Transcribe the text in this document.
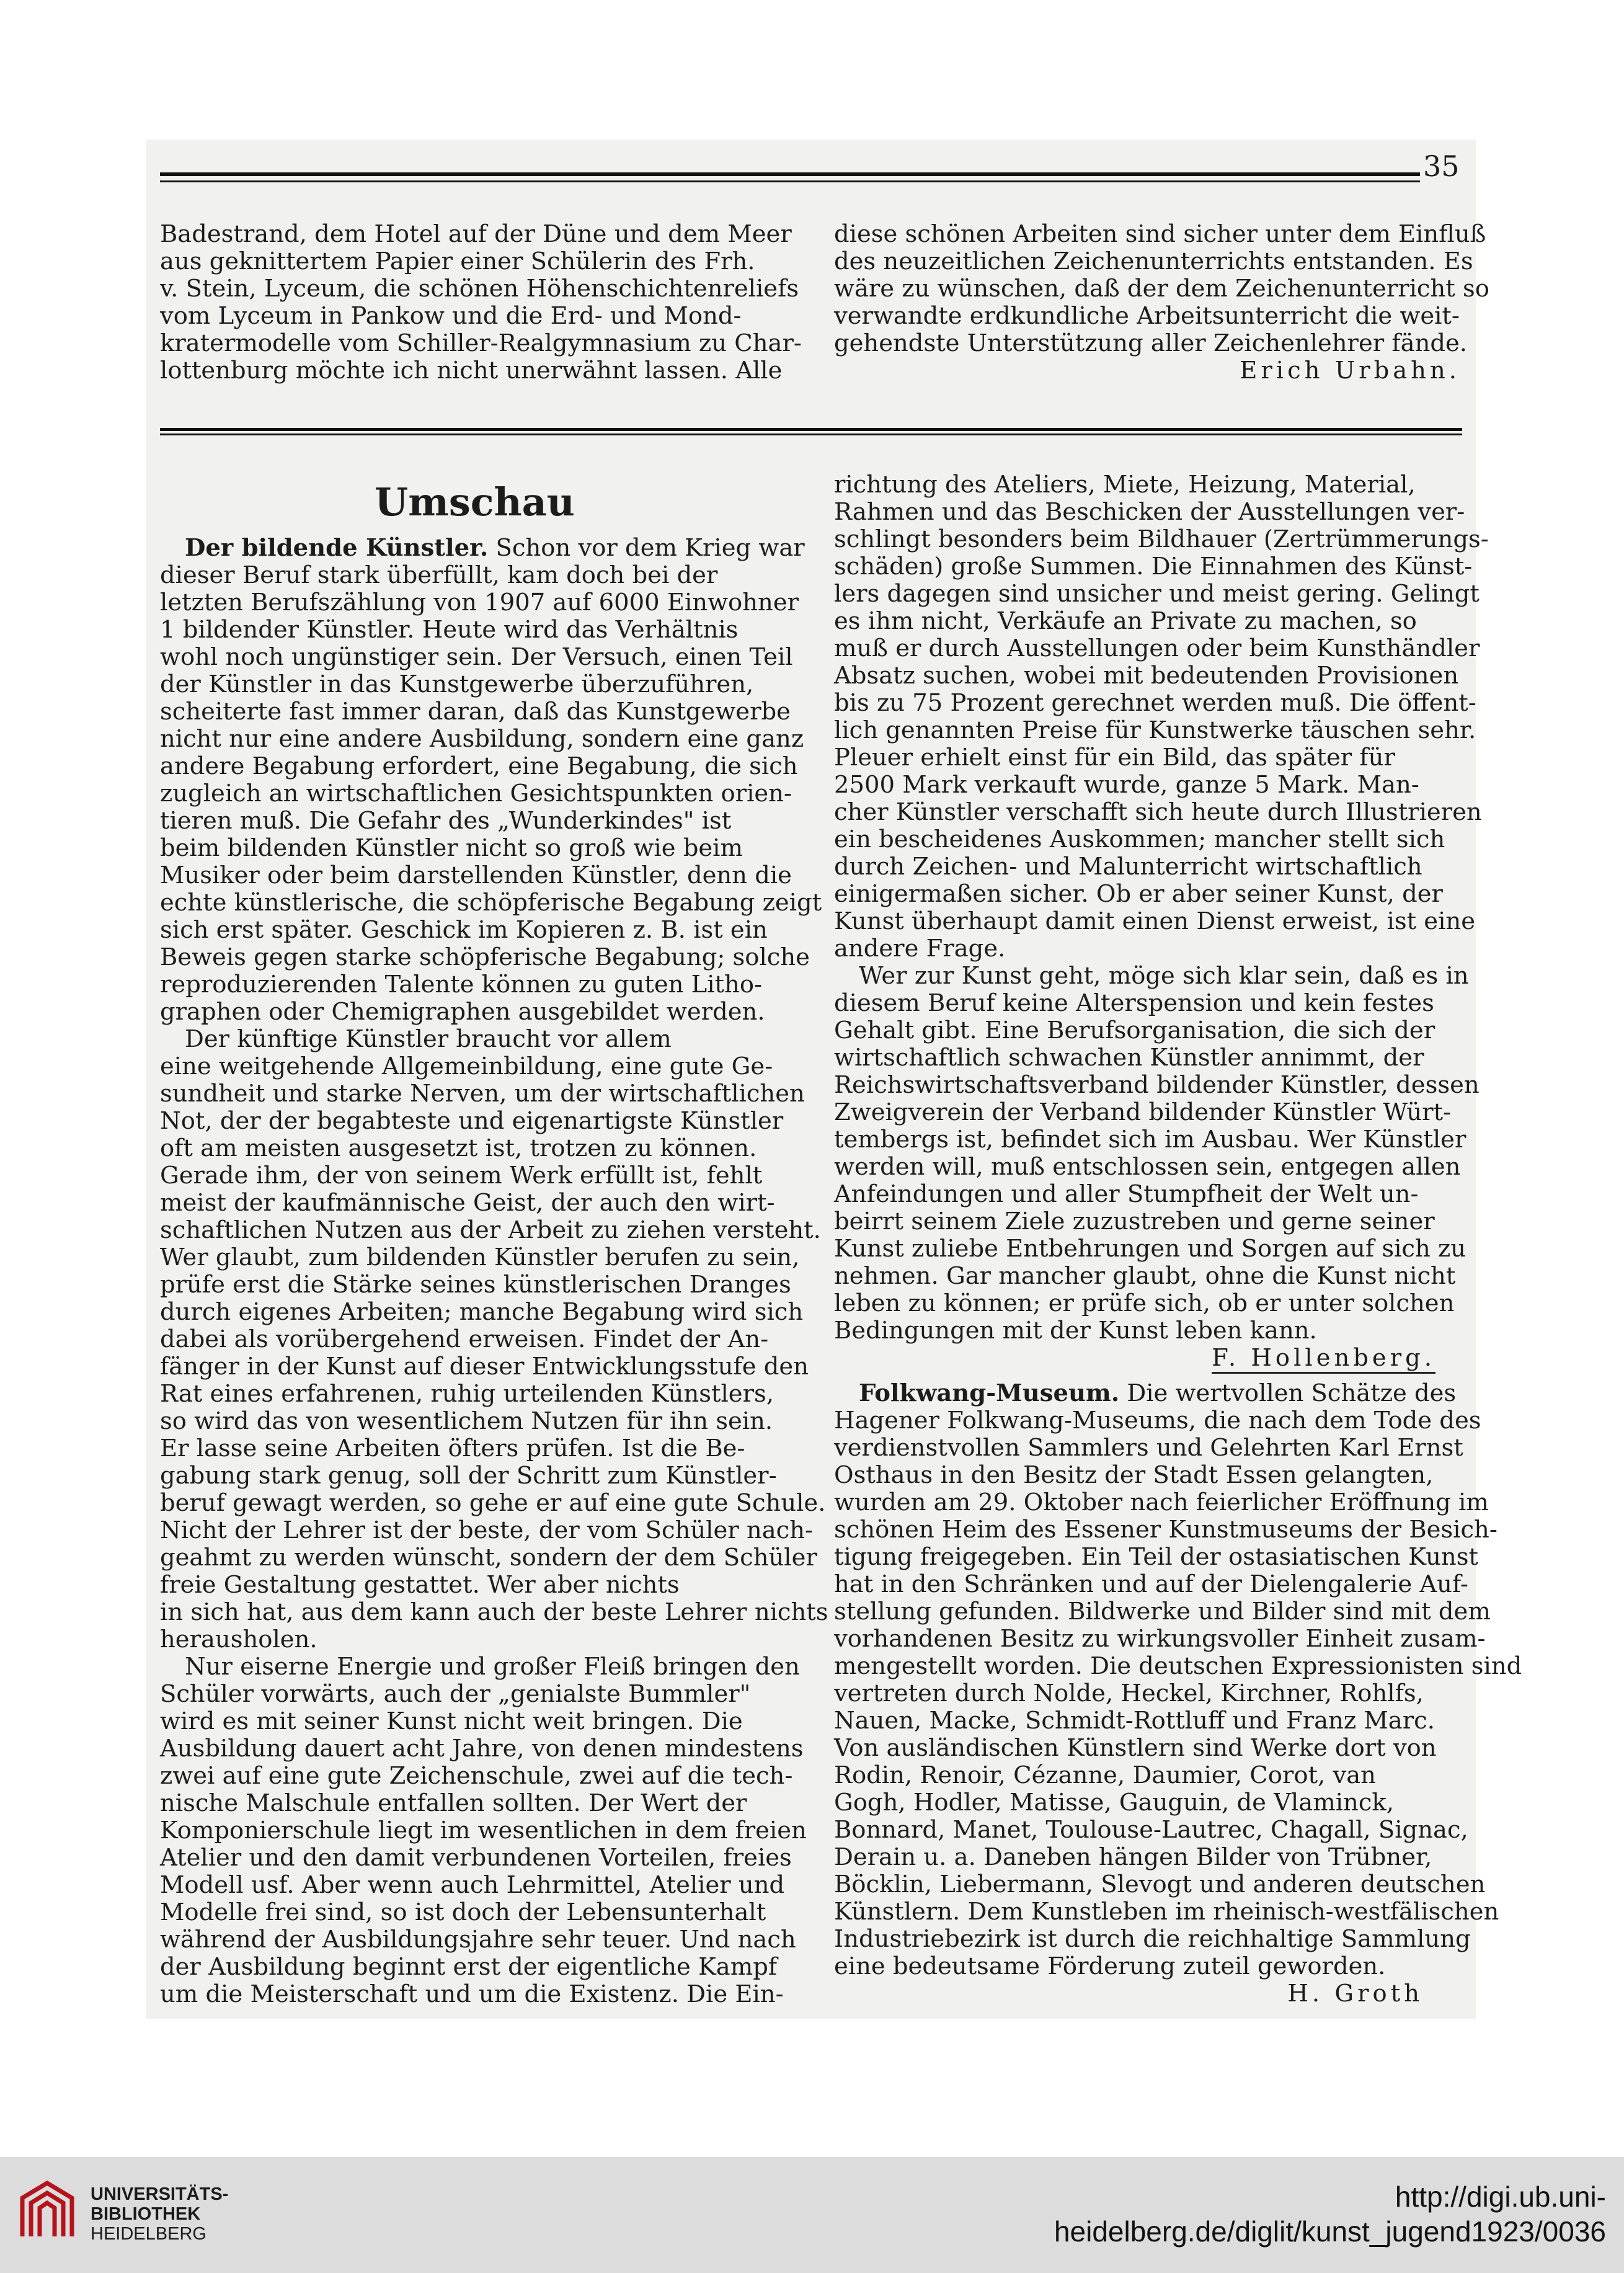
35
Badestrand, dem Hotel auf der Düne und dem Meer
aus geknittertem Papier einer Schülerin des Frh.
v. Stein, Lyceum, die schönen Höhenschichtenreliefs
vom Lyceum in Pankow und die Erd- und Mond-
kratermodelle vom Schiller-Realgymnasium zu Char-
lottenburg möchte ich nicht unerwähnt lassen. Alle
diese schönen Arbeiten sind sicher unter dem Einfluß
des neuzeitlichen Zeichenunterrichts entstanden. Es
wäre zu wünschen, daß der dem Zeichenunterricht so
verwandte erdkundliche Arbeitsunterricht die weit-
gehendste Unterstützung aller Zeichenlehrer fände.
Erich Urbahn.
Umschau
Der bildende Künstler. Schon vor dem Krieg war
dieser Beruf stark überfüllt, kam doch bei der
letzten Berufszählung von 1907 auf 6000 Einwohner
1 bildender Künstler. Heute wird das Verhältnis
wohl noch ungünstiger sein. Der Versuch, einen Teil
der Künstler in das Kunstgewerbe überzuführen,
scheiterte fast immer daran, daß das Kunstgewerbe
nicht nur eine andere Ausbildung, sondern eine ganz
andere Begabung erfordert, eine Begabung, die sich
zugleich an wirtschaftlichen Gesichtspunkten orien-
tieren muß. Die Gefahr des „Wunderkindes" ist
beim bildenden Künstler nicht so groß wie beim
Musiker oder beim darstellenden Künstler, denn die
echte künstlerische, die schöpferische Begabung zeigt
sich erst später. Geschick im Kopieren z. B. ist ein
Beweis gegen starke schöpferische Begabung; solche
reproduzierenden Talente können zu guten Litho-
graphen oder Chemigraphen ausgebildet werden.
Der künftige Künstler braucht vor allem
eine weitgehende Allgemeinbildung, eine gute Ge-
sundheit und starke Nerven, um der wirtschaftlichen
Not, der der begabteste und eigenartigste Künstler
oft am meisten ausgesetzt ist, trotzen zu können.
Gerade ihm, der von seinem Werk erfüllt ist, fehlt
meist der kaufmännische Geist, der auch den wirt-
schaftlichen Nutzen aus der Arbeit zu ziehen versteht.
Wer glaubt, zum bildenden Künstler berufen zu sein,
prüfe erst die Stärke seines künstlerischen Dranges
durch eigenes Arbeiten; manche Begabung wird sich
dabei als vorübergehend erweisen. Findet der An-
fänger in der Kunst auf dieser Entwicklungsstufe den
Rat eines erfahrenen, ruhig urteilenden Künstlers,
so wird das von wesentlichem Nutzen für ihn sein.
Er lasse seine Arbeiten öfters prüfen. Ist die Be-
gabung stark genug, soll der Schritt zum Künstler-
beruf gewagt werden, so gehe er auf eine gute Schule.
Nicht der Lehrer ist der beste, der vom Schüler nach-
geahmt zu werden wünscht, sondern der dem Schüler
freie Gestaltung gestattet. Wer aber nichts
in sich hat, aus dem kann auch der beste Lehrer nichts
herausholen.
Nur eiserne Energie und großer Fleiß bringen den
Schüler vorwärts, auch der „genialste Bummler"
wird es mit seiner Kunst nicht weit bringen. Die
Ausbildung dauert acht Jahre, von denen mindestens
zwei auf eine gute Zeichenschule, zwei auf die tech-
nische Malschule entfallen sollten. Der Wert der
Komponierschule liegt im wesentlichen in dem freien
Atelier und den damit verbundenen Vorteilen, freies
Modell usf. Aber wenn auch Lehrmittel, Atelier und
Modelle frei sind, so ist doch der Lebensunterhalt
während der Ausbildungsjahre sehr teuer. Und nach
der Ausbildung beginnt erst der eigentliche Kampf
um die Meisterschaft und um die Existenz. Die Ein-
richtung des Ateliers, Miete, Heizung, Material,
Rahmen und das Beschicken der Ausstellungen ver-
schlingt besonders beim Bildhauer (Zertrümmerungs-
schäden) große Summen. Die Einnahmen des Künst-
lers dagegen sind unsicher und meist gering. Gelingt
es ihm nicht, Verkäufe an Private zu machen, so
muß er durch Ausstellungen oder beim Kunsthändler
Absatz suchen, wobei mit bedeutenden Provisionen
bis zu 75 Prozent gerechnet werden muß. Die öffent-
lich genannten Preise für Kunstwerke täuschen sehr.
Pleuer erhielt einst für ein Bild, das später für
2500 Mark verkauft wurde, ganze 5 Mark. Man-
cher Künstler verschafft sich heute durch Illustrieren
ein bescheidenes Auskommen; mancher stellt sich
durch Zeichen- und Malunterricht wirtschaftlich
einigermaßen sicher. Ob er aber seiner Kunst, der
Kunst überhaupt damit einen Dienst erweist, ist eine
andere Frage.
Wer zur Kunst geht, möge sich klar sein, daß es in
diesem Beruf keine Alterspension und kein festes
Gehalt gibt. Eine Berufsorganisation, die sich der
wirtschaftlich schwachen Künstler annimmt, der
Reichswirtschaftsverband bildender Künstler, dessen
Zweigverein der Verband bildender Künstler Würt-
tembergs ist, befindet sich im Ausbau. Wer Künstler
werden will, muß entschlossen sein, entgegen allen
Anfeindungen und aller Stumpfheit der Welt un-
beirrt seinem Ziele zuzustreben und gerne seiner
Kunst zuliebe Entbehrungen und Sorgen auf sich zu
nehmen. Gar mancher glaubt, ohne die Kunst nicht
leben zu können; er prüfe sich, ob er unter solchen
Bedingungen mit der Kunst leben kann.
F. Hollenberg.
Folkwang-Museum. Die wertvollen Schätze des
Hagener Folkwang-Museums, die nach dem Tode des
verdienstvollen Sammlers und Gelehrten Karl Ernst
Osthaus in den Besitz der Stadt Essen gelangten,
wurden am 29. Oktober nach feierlicher Eröffnung im
schönen Heim des Essener Kunstmuseums der Besich-
tigung freigegeben. Ein Teil der ostasiatischen Kunst
hat in den Schränken und auf der Dielengalerie Auf-
stellung gefunden. Bildwerke und Bilder sind mit dem
vorhandenen Besitz zu wirkungsvoller Einheit zusam-
mengestellt worden. Die deutschen Expressionisten sind
vertreten durch Nolde, Heckel, Kirchner, Rohlfs,
Nauen, Macke, Schmidt-Rottluff und Franz Marc.
Von ausländischen Künstlern sind Werke dort von
Rodin, Renoir, Cézanne, Daumier, Corot, van
Gogh, Hodler, Matisse, Gauguin, de Vlaminck,
Bonnard, Manet, Toulouse-Lautrec, Chagall, Signac,
Derain u. a. Daneben hängen Bilder von Trübner,
Böcklin, Liebermann, Slevogt und anderen deutschen
Künstlern. Dem Kunstleben im rheinisch-westfälischen
Industriebezirk ist durch die reichhaltige Sammlung
eine bedeutsame Förderung zuteil geworden.
H. Groth
UNIVERSITÄTS-
BIBLIOTHEK
HEIDELBERG
http://digi.ub.uni-heidelberg.de/diglit/kunst_jugend1923/0036
